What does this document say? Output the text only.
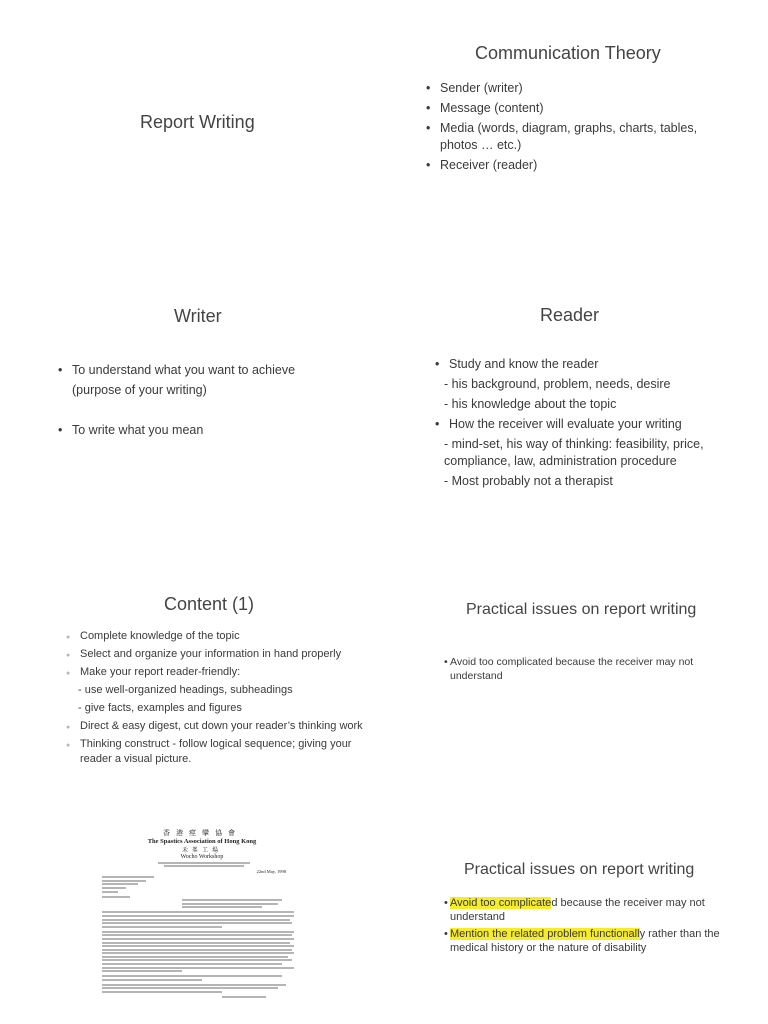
Report Writing
Communication Theory
• Sender (writer)
• Message (content)
• Media (words, diagram, graphs, charts, tables, photos … etc.)
• Receiver (reader)
Writer
• To understand what you want to achieve
(purpose of your writing)
• To write what you mean
Reader
• Study and know the reader
- his background, problem, needs, desire
- his knowledge about the topic
• How the receiver will evaluate your writing
- mind-set, his way of thinking: feasibility, price, compliance, law, administration procedure
- Most probably not a therapist
Content (1)
● Complete knowledge of the topic
● Select and organize your information in hand properly
● Make your report reader-friendly:
- use well-organized headings, subheadings
- give facts, examples and figures
● Direct & easy digest, cut down your reader’s thinking work
● Thinking construct - follow logical sequence; giving your reader a visual picture.
Practical issues on report writing
• Avoid too complicated because the receiver may not understand
香港痙攣協會
The Spastics Association of Hong Kong
禾峯工場
Wocho Workshop
22nd May, 1998	Practical issues on report writing
• Avoid too complicated because the receiver may not understand
• Mention the related problem functionally rather than the medical history or the nature of disability
